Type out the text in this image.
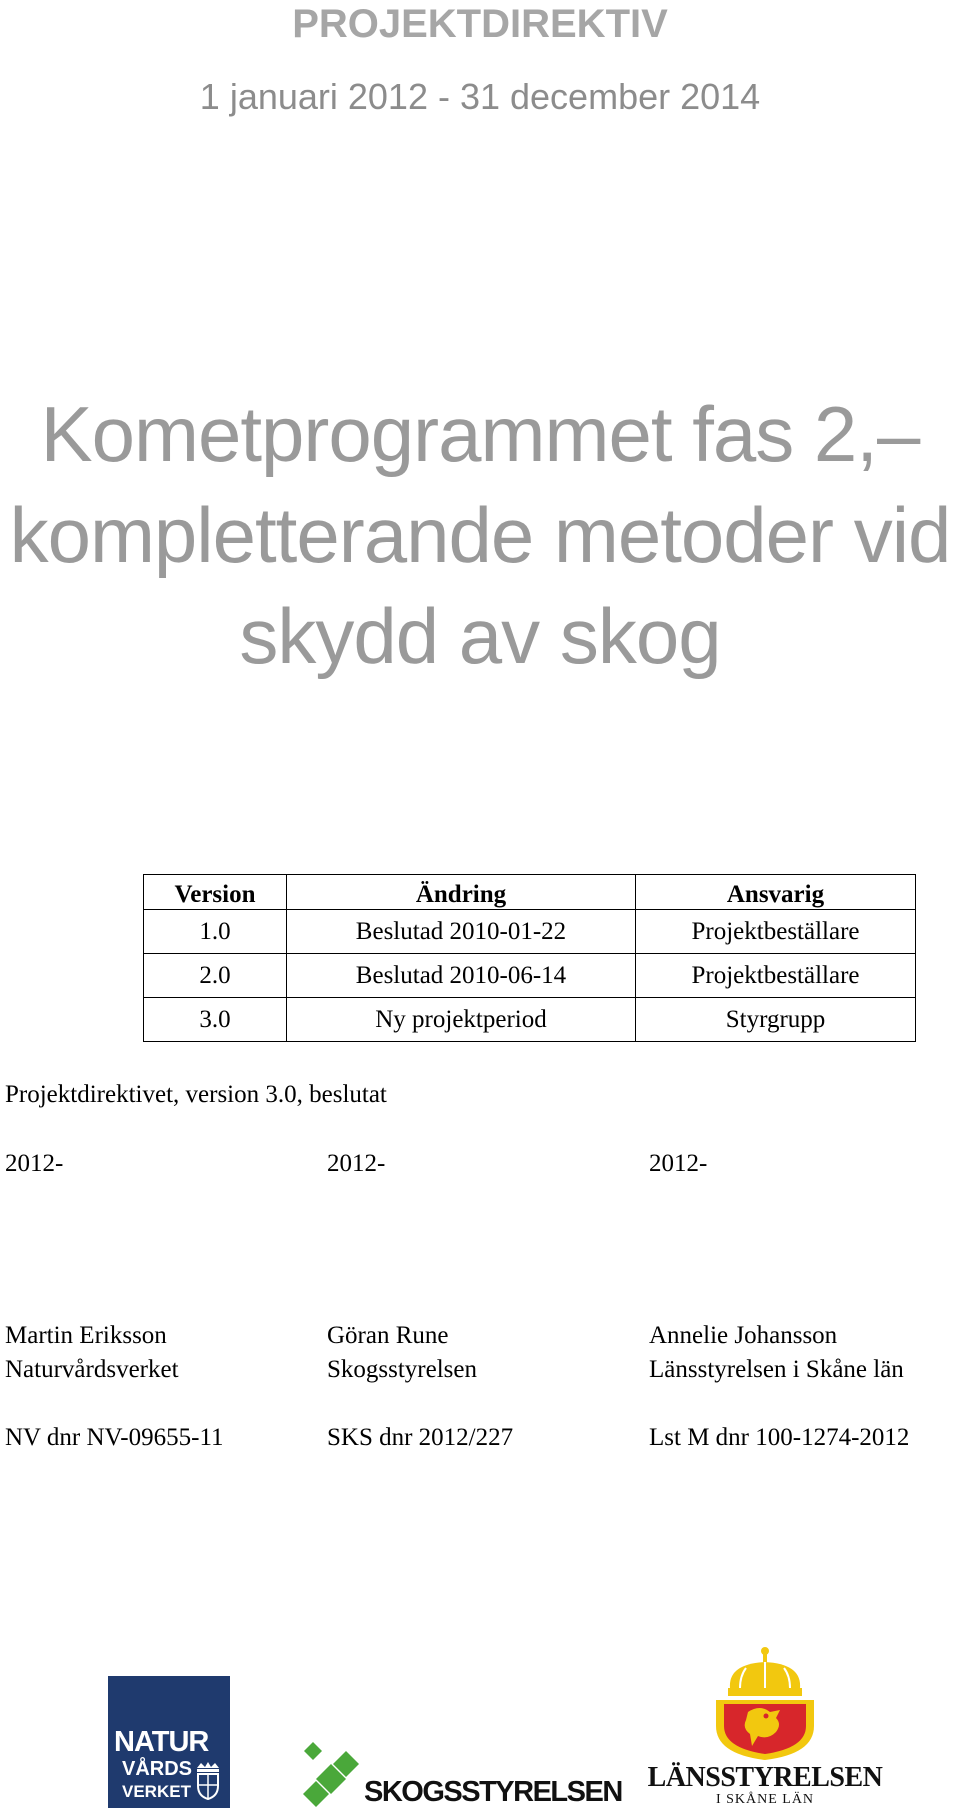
PROJEKTDIREKTIV
1 januari 2012 - 31 december 2014
Kometprogrammet fas 2,–
kompletterande metoder vid
skydd av skog
Version	Ändring	Ansvarig
1.0	Beslutad 2010-01-22	Projektbeställare
2.0	Beslutad 2010-06-14	Projektbeställare
3.0	Ny projektperiod	Styrgrupp
Projektdirektivet, version 3.0, beslutat
2012-	2012-	2012-
Martin Eriksson	Göran Rune	Annelie Johansson
Naturvårdsverket	Skogsstyrelsen	Länsstyrelsen i Skåne län
NV dnr NV-09655-11	SKS dnr 2012/227	Lst M dnr 100-1274-2012
NATUR
VÅRDS
VERKET	SKOGSSTYRELSEN LÄNSSTYRELSEN
I SKÅNE LÄN
